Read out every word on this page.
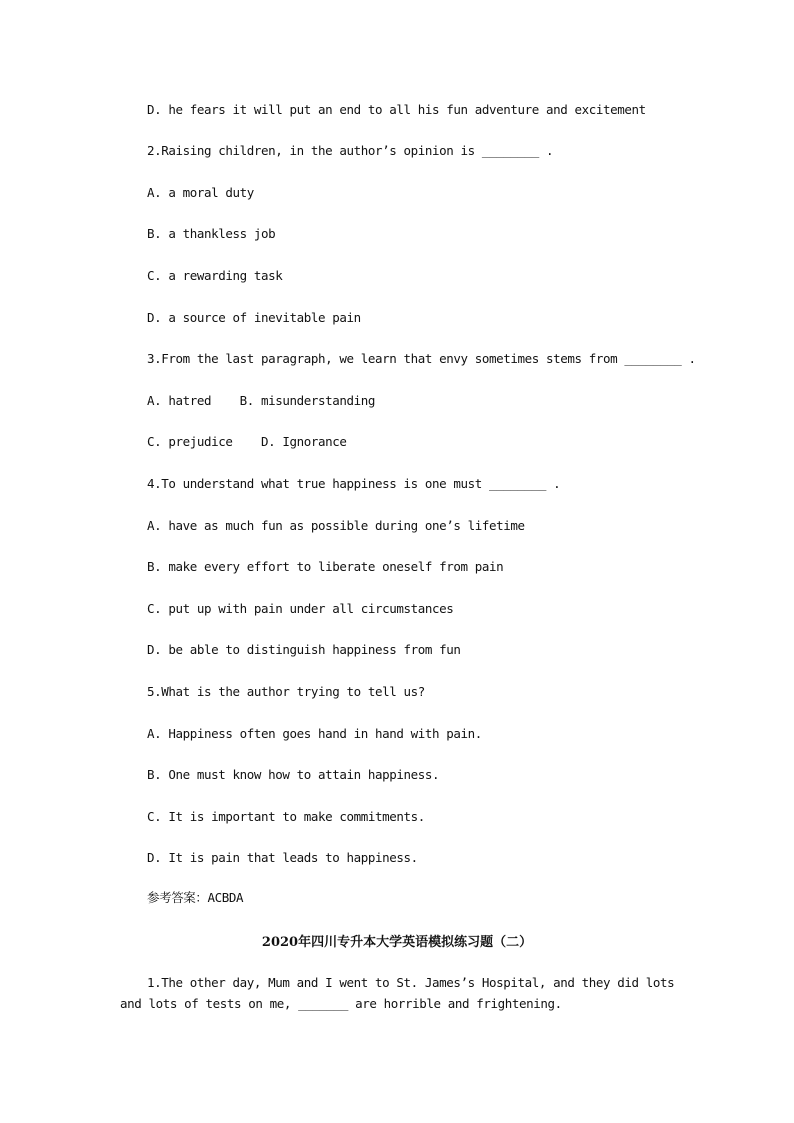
D. he fears it will put an end to all his fun adventure and excitement
2.Raising children, in the author’s opinion is ________ .
A. a moral duty
B. a thankless job
C. a rewarding task
D. a source of inevitable pain
3.From the last paragraph, we learn that envy sometimes stems from ________ .
A. hatred    B. misunderstanding
C. prejudice    D. Ignorance
4.To understand what true happiness is one must ________ .
A. have as much fun as possible during one’s lifetime
B. make every effort to liberate oneself from pain
C. put up with pain under all circumstances
D. be able to distinguish happiness from fun
5.What is the author trying to tell us?
A. Happiness often goes hand in hand with pain.
B. One must know how to attain happiness.
C. It is important to make commitments.
D. It is pain that leads to happiness.
参考答案：ACBDA
2020年四川专升本大学英语模拟练习题（二）
1.The other day, Mum and I went to St. James’s Hospital, and they did lots and lots of tests on me, _______ are horrible and frightening.
